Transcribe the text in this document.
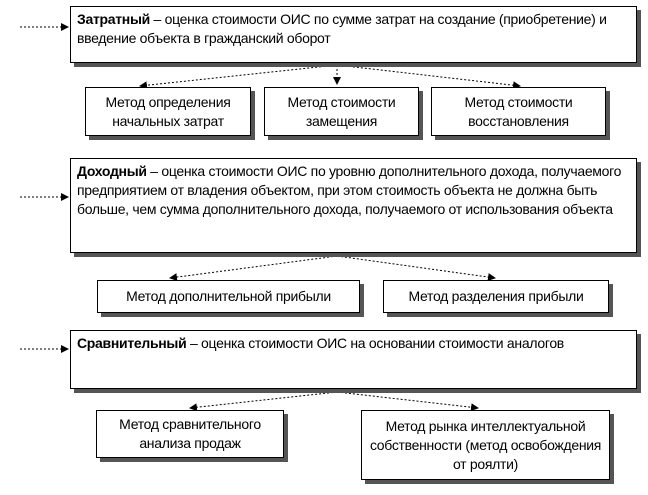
Затратный – оценка стоимости ОИС по сумме затрат на создание (приобретение) и введение объекта в гражданский оборот
Метод определения начальных затрат
Метод стоимости замещения
Метод стоимости восстановления
Доходный – оценка стоимости ОИС по уровню дополнительного дохода, получаемого предприятием от владения объектом, при этом стоимость объекта не должна быть больше, чем сумма дополнительного дохода, получаемого от использования объекта
Метод дополнительной прибыли	Метод разделения прибыли
Сравнительный – оценка стоимости ОИС на основании стоимости аналогов
Метод сравнительного анализа продаж
Метод рынка интеллектуальной собственности (метод освобождения от роялти)
